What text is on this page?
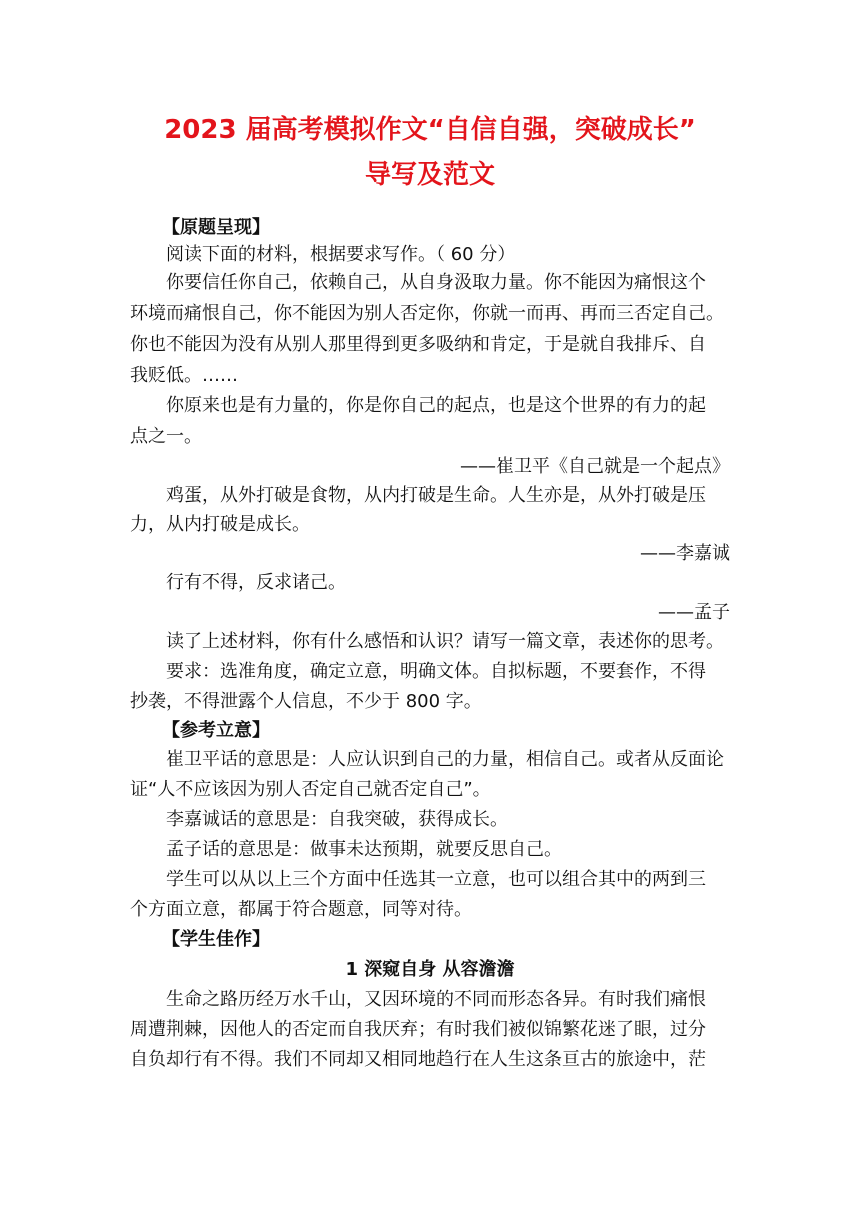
2023 届高考模拟作文“自信自强，突破成长”
导写及范文
【原题呈现】
阅读下面的材料，根据要求写作。（ 60 分）
你要信任你自己，依赖自己，从自身汲取力量。你不能因为痛恨这个
环境而痛恨自己，你不能因为别人否定你，你就一而再、再而三否定自己。
你也不能因为没有从别人那里得到更多吸纳和肯定，于是就自我排斥、自
我贬低。……
你原来也是有力量的，你是你自己的起点，也是这个世界的有力的起
点之一。
——崔卫平《自己就是一个起点》
鸡蛋，从外打破是食物，从内打破是生命。人生亦是，从外打破是压
力，从内打破是成长。
——李嘉诚
行有不得，反求诸己。
——孟子
读了上述材料，你有什么感悟和认识？请写一篇文章，表述你的思考。
要求：选准角度，确定立意，明确文体。自拟标题，不要套作，不得
抄袭，不得泄露个人信息，不少于 800 字。
【参考立意】
崔卫平话的意思是：人应认识到自己的力量，相信自己。或者从反面论
证“人不应该因为别人否定自己就否定自己”。
李嘉诚话的意思是：自我突破，获得成长。
孟子话的意思是：做事未达预期，就要反思自己。
学生可以从以上三个方面中任选其一立意，也可以组合其中的两到三
个方面立意，都属于符合题意，同等对待。
【学生佳作】
1 深窥自身 从容澹澹
生命之路历经万水千山，又因环境的不同而形态各异。有时我们痛恨
周遭荆棘，因他人的否定而自我厌弃；有时我们被似锦繁花迷了眼，过分
自负却行有不得。我们不同却又相同地趋行在人生这条亘古的旅途中，茫
